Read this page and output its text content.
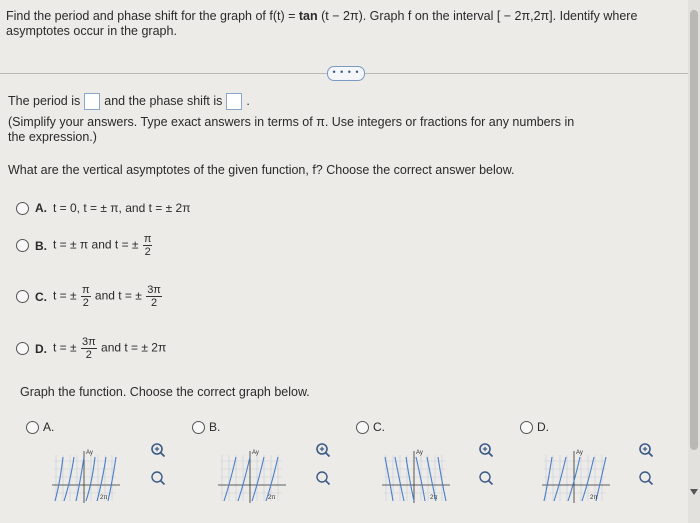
Find the period and phase shift for the graph of f(t) = tan (t − 2π). Graph f on the interval [ − 2π,2π]. Identify where asymptotes occur in the graph.
• • • •
The period is and the phase shift is .
(Simplify your answers. Type exact answers in terms of π. Use integers or fractions for any numbers in
the expression.)
What are the vertical asymptotes of the given function, f? Choose the correct answer below.
A. t = 0, t = ± π, and t = ± 2π
B. t = ± π and t = ± $\frac{\pi}{2}$
C. t = ± $\frac{\pi}{2}$ and t = ± $\frac{3\pi}{2}$
D. t = ± $\frac{3\pi}{2}$ and t = ± 2π
Graph the function. Choose the correct graph below.
A.	B.	C.	D.
Ay
2π
Ay
2π
Ay
2π
Ay
2π
